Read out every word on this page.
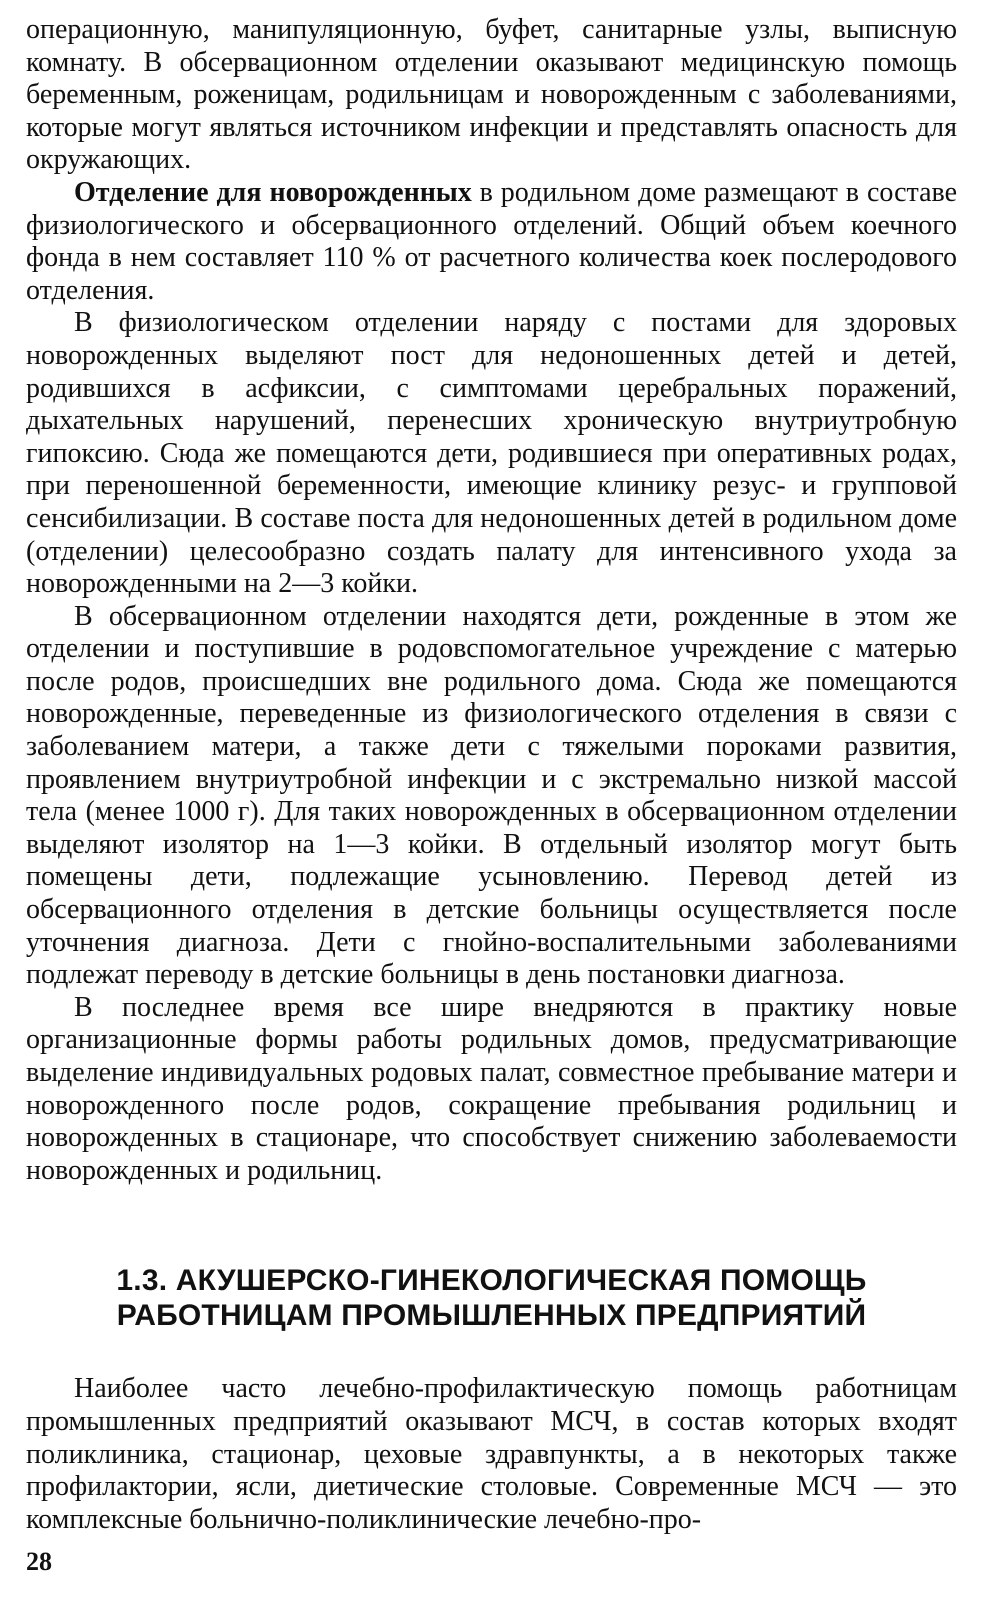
операционную, манипуляционную, буфет, санитарные узлы, выписную комнату. В обсервационном отделении оказывают медицинскую помощь беременным, роженицам, родильницам и новорожденным с заболеваниями, которые могут являться источником инфекции и представлять опасность для окружающих.

Отделение для новорожденных в родильном доме размещают в составе физиологического и обсервационного отделений. Общий объем коечного фонда в нем составляет 110 % от расчетного количества коек послеродового отделения.

В физиологическом отделении наряду с постами для здоровых новорожденных выделяют пост для недоношенных детей и детей, родившихся в асфиксии, с симптомами церебральных поражений, дыхательных нарушений, перенесших хроническую внутриутробную гипоксию. Сюда же помещаются дети, родившиеся при оперативных родах, при переношенной беременности, имеющие клинику резус- и групповой сенсибилизации. В составе поста для недоношенных детей в родильном доме (отделении) целесообразно создать палату для интенсивного ухода за новорожденными на 2—3 койки.

В обсервационном отделении находятся дети, рожденные в этом же отделении и поступившие в родовспомогательное учреждение с матерью после родов, происшедших вне родильного дома. Сюда же помещаются новорожденные, переведенные из физиологического отделения в связи с заболеванием матери, а также дети с тяжелыми пороками развития, проявлением внутриутробной инфекции и с экстремально низкой массой тела (менее 1000 г). Для таких новорожденных в обсервационном отделении выделяют изолятор на 1—3 койки. В отдельный изолятор могут быть помещены дети, подлежащие усыновлению. Перевод детей из обсервационного отделения в детские больницы осуществляется после уточнения диагноза. Дети с гнойно-воспалительными заболеваниями подлежат переводу в детские больницы в день постановки диагноза.

В последнее время все шире внедряются в практику новые организационные формы работы родильных домов, предусматривающие выделение индивидуальных родовых палат, совместное пребывание матери и новорожденного после родов, сокращение пребывания родильниц и новорожденных в стационаре, что способствует снижению заболеваемости новорожденных и родильниц.

1.3. АКУШЕРСКО-ГИНЕКОЛОГИЧЕСКАЯ ПОМОЩЬ
РАБОТНИЦАМ ПРОМЫШЛЕННЫХ ПРЕДПРИЯТИЙ

Наиболее часто лечебно-профилактическую помощь работницам промышленных предприятий оказывают МСЧ, в состав которых входят поликлиника, стационар, цеховые здравпункты, а в некоторых также профилактории, ясли, диетические столовые. Современные МСЧ — это комплексные больнично-поликлинические лечебно-про-

28
